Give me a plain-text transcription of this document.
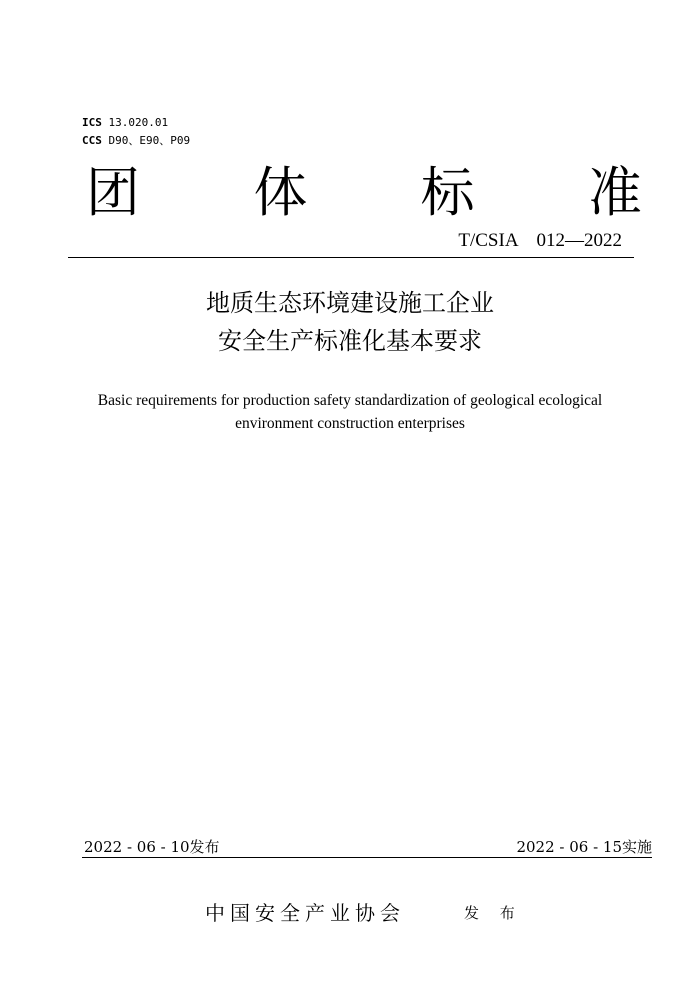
ICS 13.020.01
CCS D90、E90、P09
团 体 标 准
T/CSIA　012—2022
地质生态环境建设施工企业
安全生产标准化基本要求
Basic requirements for production safety standardization of geological ecological
environment construction enterprises
2022 - 06 - 10发布	2022 - 06 - 15实施
中国安全产业协会	发 布
